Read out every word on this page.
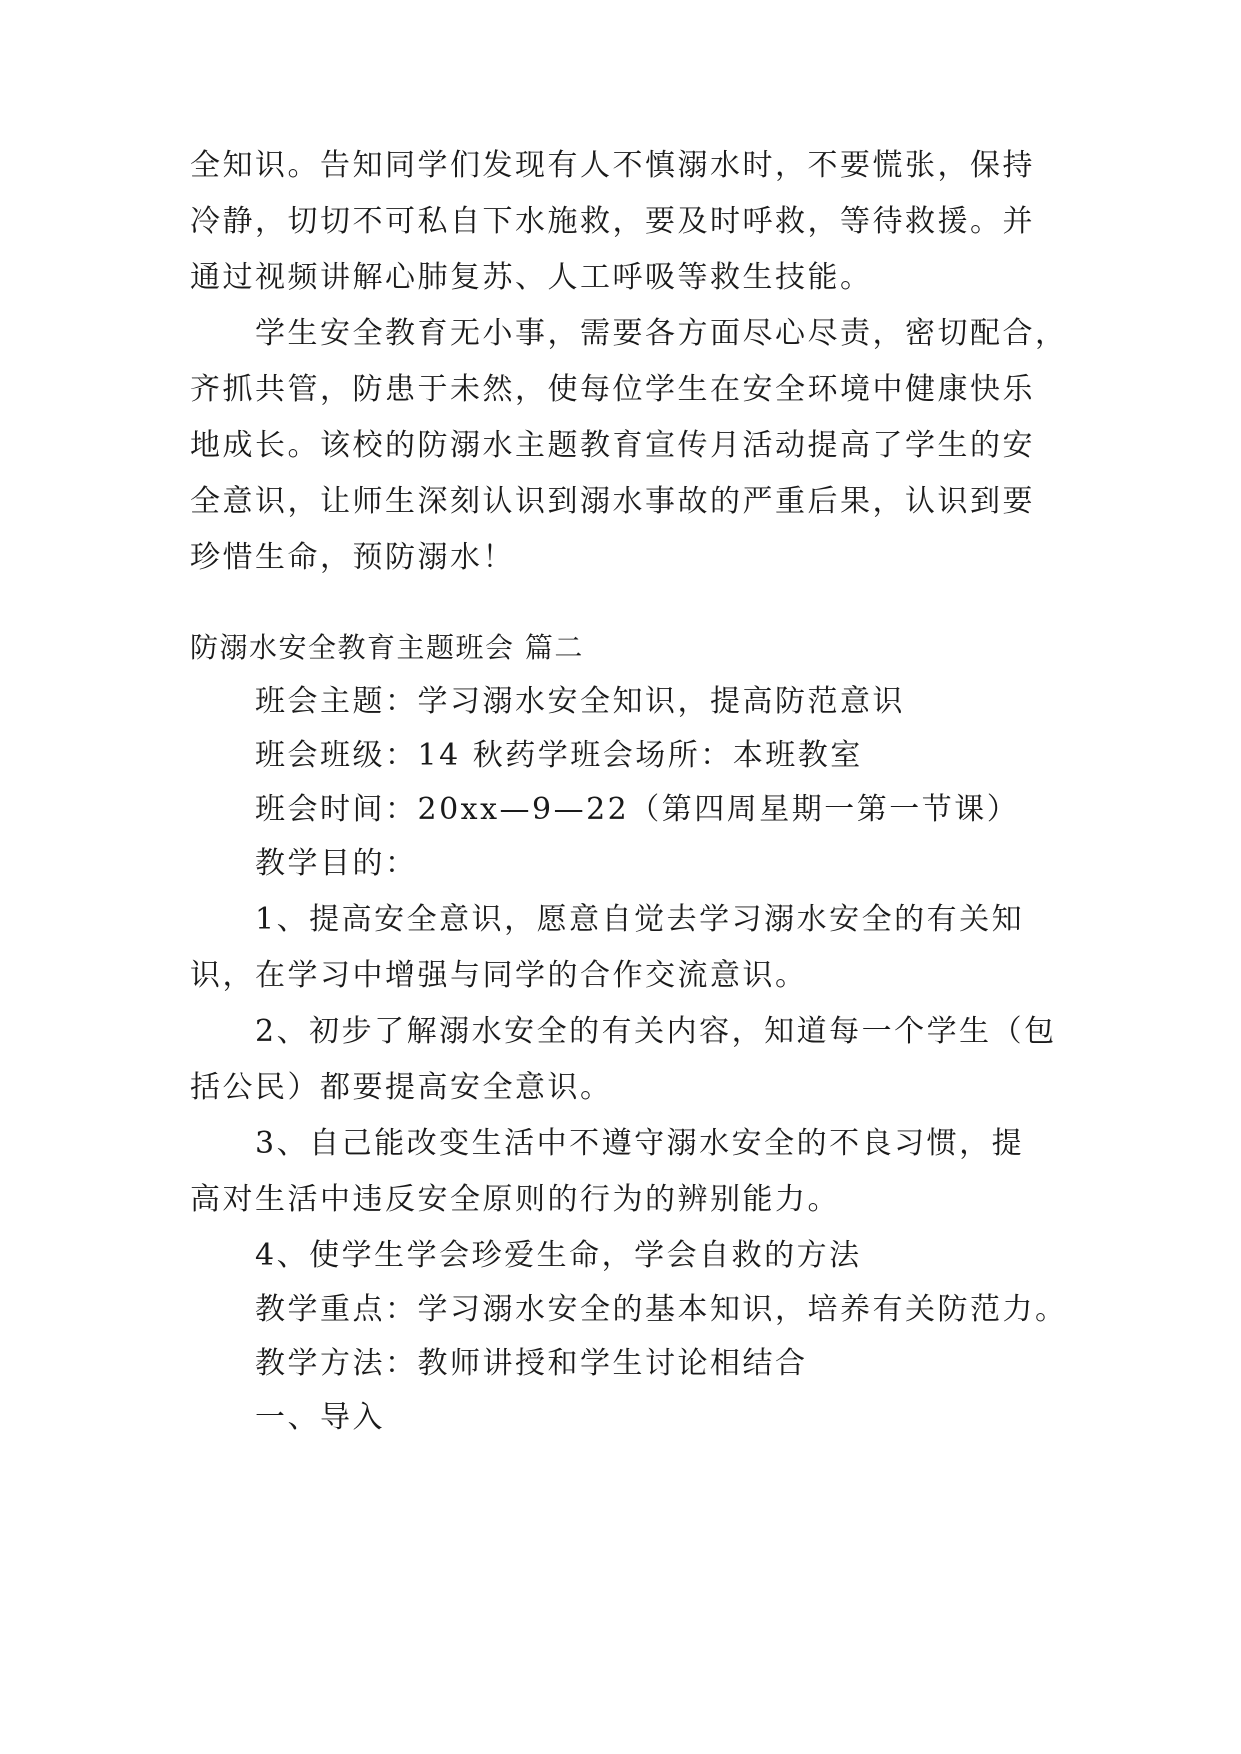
全知识。告知同学们发现有人不慎溺水时，不要慌张，保持
冷静，切切不可私自下水施救，要及时呼救，等待救援。并
通过视频讲解心肺复苏、人工呼吸等救生技能。
学生安全教育无小事，需要各方面尽心尽责，密切配合，
齐抓共管，防患于未然，使每位学生在安全环境中健康快乐
地成长。该校的防溺水主题教育宣传月活动提高了学生的安
全意识，让师生深刻认识到溺水事故的严重后果，认识到要
珍惜生命，预防溺水！
防溺水安全教育主题班会 篇二
班会主题：学习溺水安全知识，提高防范意识
班会班级：14 秋药学班会场所：本班教室
班会时间：20xx—9—22（第四周星期一第一节课）
教学目的：
1、提高安全意识，愿意自觉去学习溺水安全的有关知
识，在学习中增强与同学的合作交流意识。
2、初步了解溺水安全的有关内容，知道每一个学生（包
括公民）都要提高安全意识。
3、自己能改变生活中不遵守溺水安全的不良习惯，提
高对生活中违反安全原则的行为的辨别能力。
4、使学生学会珍爱生命，学会自救的方法
教学重点：学习溺水安全的基本知识，培养有关防范力。
教学方法：教师讲授和学生讨论相结合
一、导入
